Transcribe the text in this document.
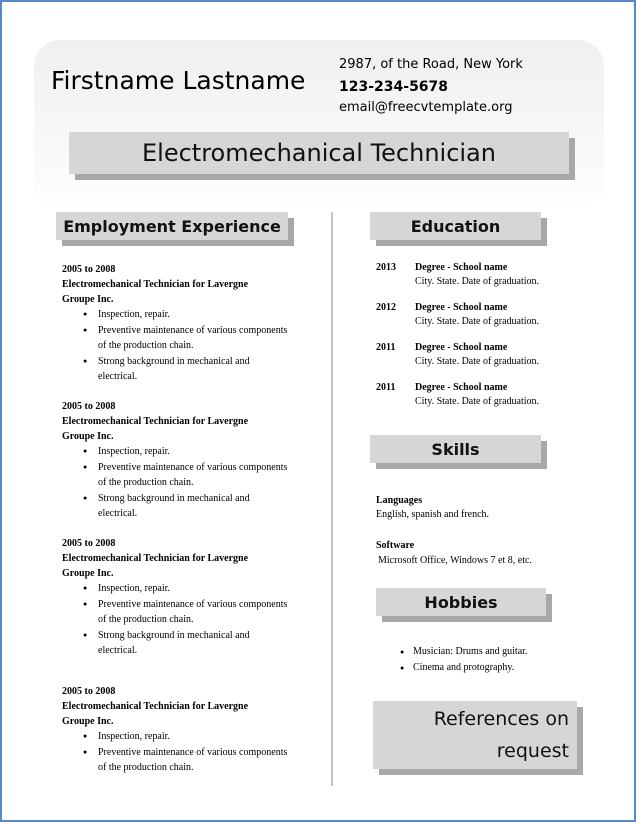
Firstname Lastname
2987, of the Road, New York
123-234-5678
email@freecvtemplate.org
Electromechanical Technician
Employment Experience	Education
2005 to 2008
Electromechanical Technician for Lavergne
Groupe Inc.
● Inspection, repair.
● Preventive maintenance of various components
of the production chain.
● Strong background in mechanical and
electrical.
2005 to 2008
Electromechanical Technician for Lavergne
Groupe Inc.
● Inspection, repair.
● Preventive maintenance of various components
of the production chain.
● Strong background in mechanical and
electrical.
2005 to 2008
Electromechanical Technician for Lavergne
Groupe Inc.
● Inspection, repair.
● Preventive maintenance of various components
of the production chain.
● Strong background in mechanical and
electrical.
2005 to 2008
Electromechanical Technician for Lavergne
Groupe Inc.
● Inspection, repair.
● Preventive maintenance of various components
of the production chain.
2013 Degree - School name
City. State. Date of graduation.
2012 Degree - School name
City. State. Date of graduation.
2011 Degree - School name
City. State. Date of graduation.
2011 Degree - School name
City. State. Date of graduation.
Skills
Languages
English, spanish and french.
Software
Microsoft Office, Windows 7 et 8, etc.
Hobbies
● Musician: Drums and guitar.
● Cinema and protography.
References on
request
